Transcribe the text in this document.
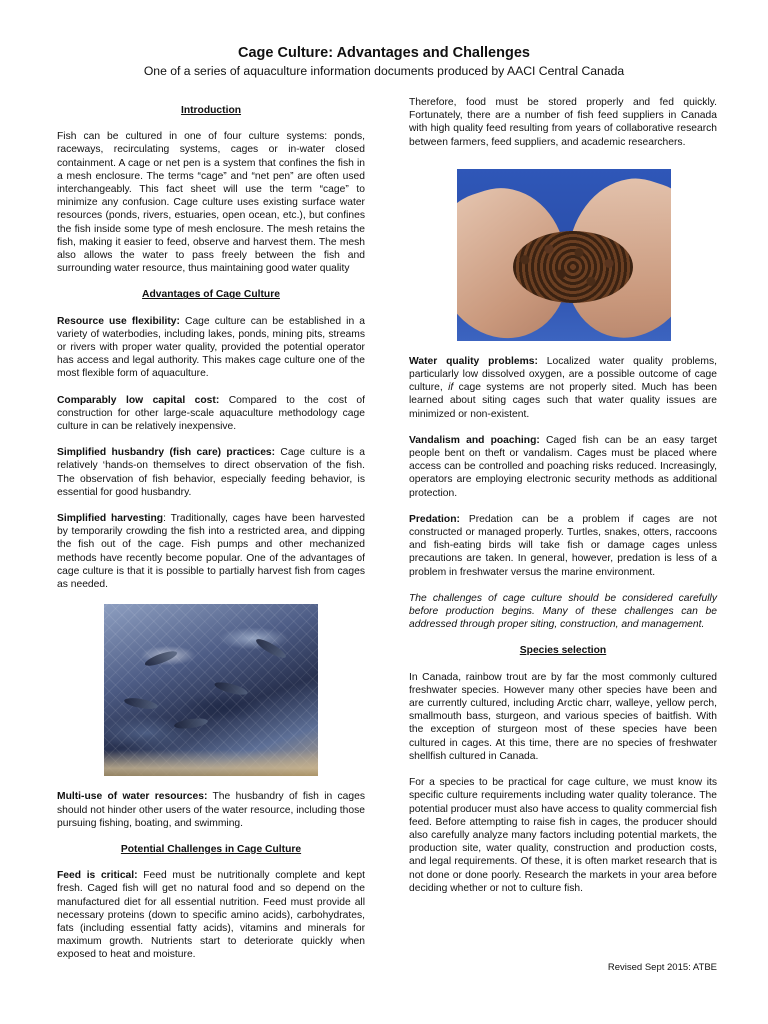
Cage Culture: Advantages and Challenges

One of a series of aquaculture information documents produced by AACI Central Canada

Introduction

Fish can be cultured in one of four culture systems: ponds, raceways, recirculating systems, cages or in-water closed containment. A cage or net pen is a system that confines the fish in a mesh enclosure. The terms “cage” and “net pen” are often used interchangeably. This fact sheet will use the term “cage” to minimize any confusion. Cage culture uses existing surface water resources (ponds, rivers, estuaries, open ocean, etc.), but confines the fish inside some type of mesh enclosure. The mesh retains the fish, making it easier to feed, observe and harvest them. The mesh also allows the water to pass freely between the fish and surrounding water resource, thus maintaining good water quality

Advantages of Cage Culture

Resource use flexibility: Cage culture can be established in a variety of waterbodies, including lakes, ponds, mining pits, streams or rivers with proper water quality, provided the potential operator has access and legal authority. This makes cage culture one of the most flexible form of aquaculture.

Comparably low capital cost: Compared to the cost of construction for other large-scale aquaculture methodology cage culture in can be relatively inexpensive.

Simplified husbandry (fish care) practices: Cage culture is a relatively ‘hands-on themselves to direct observation of the fish. The observation of fish behavior, especially feeding behavior, is essential for good husbandry.

Simplified harvesting: Traditionally, cages have been harvested by temporarily crowding the fish into a restricted area, and dipping the fish out of the cage. Fish pumps and other mechanized methods have recently become popular. One of the advantages of cage culture is that it is possible to partially harvest fish from cages as needed.

Multi-use of water resources: The husbandry of fish in cages should not hinder other users of the water resource, including those pursuing fishing, boating, and swimming.

Potential Challenges in Cage Culture

Feed is critical: Feed must be nutritionally complete and kept fresh. Caged fish will get no natural food and so depend on the manufactured diet for all essential nutrition. Feed must provide all necessary proteins (down to specific amino acids), carbohydrates, fats (including essential fatty acids), vitamins and minerals for maximum growth. Nutrients start to deteriorate quickly when exposed to heat and moisture.

Therefore, food must be stored properly and fed quickly. Fortunately, there are a number of fish feed suppliers in Canada with high quality feed resulting from years of collaborative research between farmers, feed suppliers, and academic researchers.

Water quality problems: Localized water quality problems, particularly low dissolved oxygen, are a possible outcome of cage culture, if cage systems are not properly sited. Much has been learned about siting cages such that water quality issues are minimized or non-existent.

Vandalism and poaching: Caged fish can be an easy target people bent on theft or vandalism. Cages must be placed where access can be controlled and poaching risks reduced. Increasingly, operators are employing electronic security methods as additional protection.

Predation: Predation can be a problem if cages are not constructed or managed properly. Turtles, snakes, otters, raccoons and fish-eating birds will take fish or damage cages unless precautions are taken. In general, however, predation is less of a problem in freshwater versus the marine environment.

The challenges of cage culture should be considered carefully before production begins. Many of these challenges can be addressed through proper siting, construction, and management.

Species selection

In Canada, rainbow trout are by far the most commonly cultured freshwater species. However many other species have been and are currently cultured, including Arctic charr, walleye, yellow perch, smallmouth bass, sturgeon, and various species of baitfish. With the exception of sturgeon most of these species have been cultured in cages. At this time, there are no species of freshwater shellfish cultured in Canada.

For a species to be practical for cage culture, we must know its specific culture requirements including water quality tolerance. The potential producer must also have access to quality commercial fish feed. Before attempting to raise fish in cages, the producer should also carefully analyze many factors including potential markets, the production site, water quality, construction and production costs, and legal requirements. Of these, it is often market research that is not done or done poorly. Research the markets in your area before deciding whether or not to culture fish.

Revised Sept 2015: ATBE
